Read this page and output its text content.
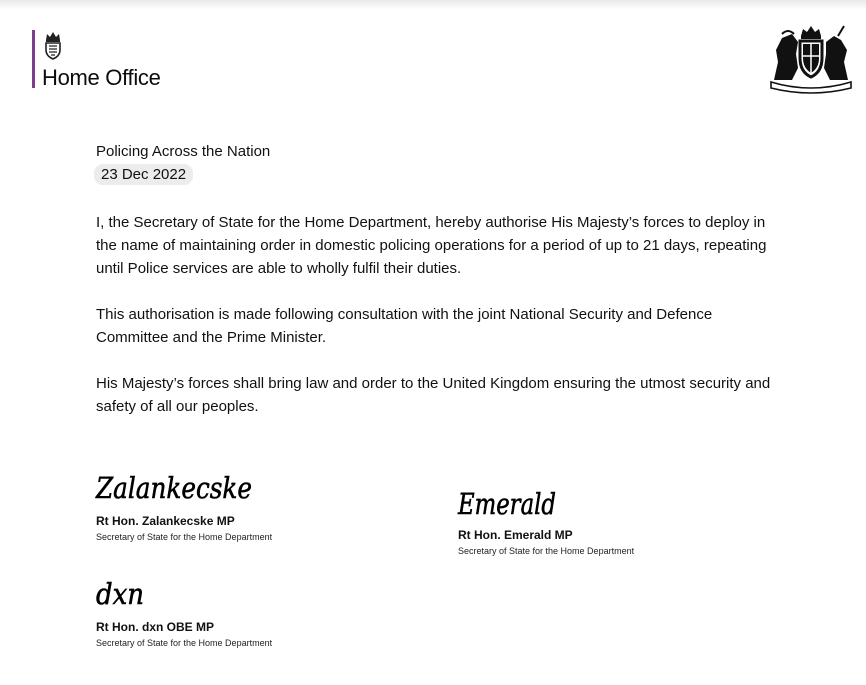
Home Office
Policing Across the Nation
23 Dec 2022

I, the Secretary of State for the Home Department, hereby authorise His Majesty’s forces to deploy in the name of maintaining order in domestic policing operations for a period of up to 21 days, repeating until Police services are able to wholly fulfil their duties.

This authorisation is made following consultation with the joint National Security and Defence Committee and the Prime Minister.

His Majesty’s forces shall bring law and order to the United Kingdom ensuring the utmost security and safety of all our peoples.

Zalankecske
Rt Hon. Zalankecske MP
Secretary of State for the Home Department
Emerald
Rt Hon. Emerald MP
Secretary of State for the Home Department
dxn
Rt Hon. dxn OBE MP
Secretary of State for the Home Department
